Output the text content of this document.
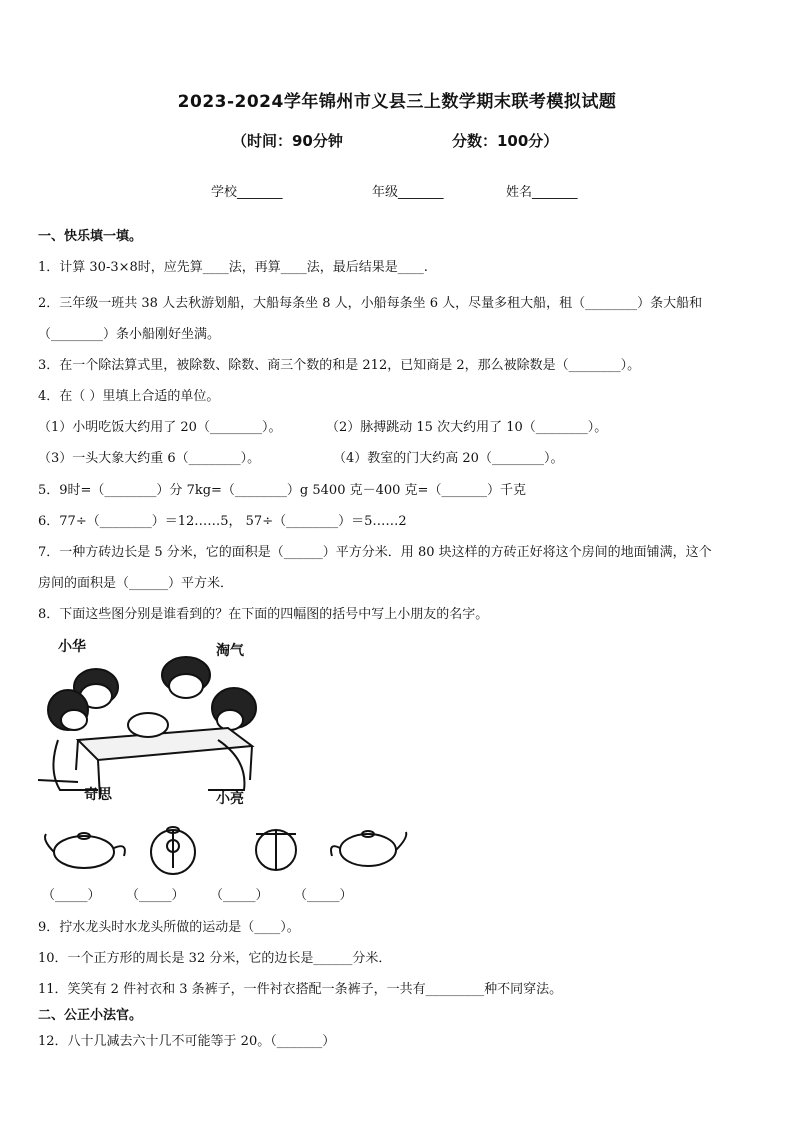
2023-2024学年锦州市义县三上数学期末联考模拟试题
（时间：90分钟	分数：100分）
学校_______	年级_______	姓名_______
一、快乐填一填。
1．计算 30-3×8时，应先算____法，再算____法，最后结果是____.
2．三年级一班共 38 人去秋游划船，大船每条坐 8 人，小船每条坐 6 人，尽量多租大船，租（________）条大船和
（________）条小船刚好坐满。
3．在一个除法算式里，被除数、除数、商三个数的和是 212，已知商是 2，那么被除数是（________）。
4．在（ ）里填上合适的单位。
（1）小明吃饭大约用了 20（________）。	（2）脉搏跳动 15 次大约用了 10（________）。
（3）一头大象大约重 6（________）。	（4）教室的门大约高 20（________）。
5．9时=（________）分 7kg=（________）g 5400 克－400 克=（_______）千克
6．77÷（________）＝12……5， 57÷（________）＝5……2
7．一种方砖边长是 5 分米，它的面积是（______）平方分米．用 80 块这样的方砖正好将这个房间的地面铺满，这个
房间的面积是（______）平方米．
8．下面这些图分别是谁看到的？在下面的四幅图的括号中写上小朋友的名字。
小华	淘气
奇思	小亮
（_____） （_____） （_____） （_____）
9．拧水龙头时水龙头所做的运动是（____）。
10．一个正方形的周长是 32 分米，它的边长是______分米．
11．笑笑有 2 件衬衣和 3 条裤子，一件衬衣搭配一条裤子，一共有_________种不同穿法。
二、公正小法官。
12．八十几减去六十几不可能等于 20。（_______）
